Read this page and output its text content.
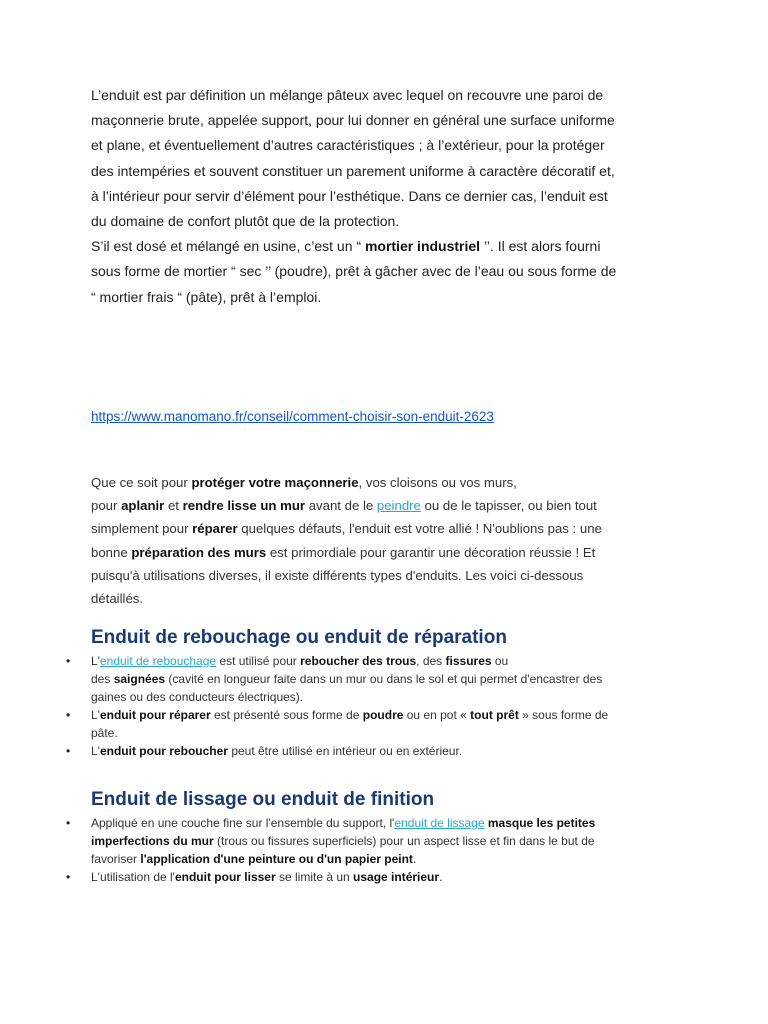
L’enduit est par définition un mélange pâteux avec lequel on recouvre une paroi de
maçonnerie brute, appelée support, pour lui donner en général une surface uniforme
et plane, et éventuellement d’autres caractéristiques ; à l’extérieur, pour la protéger
des intempéries et souvent constituer un parement uniforme à caractère décoratif et,
à l’intérieur pour servir d’élément pour l’esthétique. Dans ce dernier cas, l’enduit est
du domaine de confort plutôt que de la protection.
S’il est dosé et mélangé en usine, c’est un “ mortier industriel ’’. Il est alors fourni
sous forme de mortier “ sec ’’ (poudre), prêt à gâcher avec de l’eau ou sous forme de
“ mortier frais “ (pâte), prêt à l’emploi.
https://www.manomano.fr/conseil/comment-choisir-son-enduit-2623
Que ce soit pour protéger votre maçonnerie, vos cloisons ou vos murs,
pour aplanir et rendre lisse un mur avant de le peindre ou de le tapisser, ou bien tout
simplement pour réparer quelques défauts, l'enduit est votre allié ! N'oublions pas : une
bonne préparation des murs est primordiale pour garantir une décoration réussie ! Et
puisqu'à utilisations diverses, il existe différents types d'enduits. Les voici ci-dessous
détaillés.
Enduit de rebouchage ou enduit de réparation
• L'enduit de rebouchage est utilisé pour reboucher des trous, des fissures ou
des saignées (cavité en longueur faite dans un mur ou dans le sol et qui permet d'encastrer des
gaines ou des conducteurs électriques).
• L'enduit pour réparer est présenté sous forme de poudre ou en pot « tout prêt » sous forme de
pâte.
• L'enduit pour reboucher peut être utilisé en intérieur ou en extérieur.
Enduit de lissage ou enduit de finition
• Appliqué en une couche fine sur l'ensemble du support, l'enduit de lissage masque les petites
imperfections du mur (trous ou fissures superficiels) pour un aspect lisse et fin dans le but de
favoriser l'application d'une peinture ou d'un papier peint.
• L'utilisation de l'enduit pour lisser se limite à un usage intérieur.
